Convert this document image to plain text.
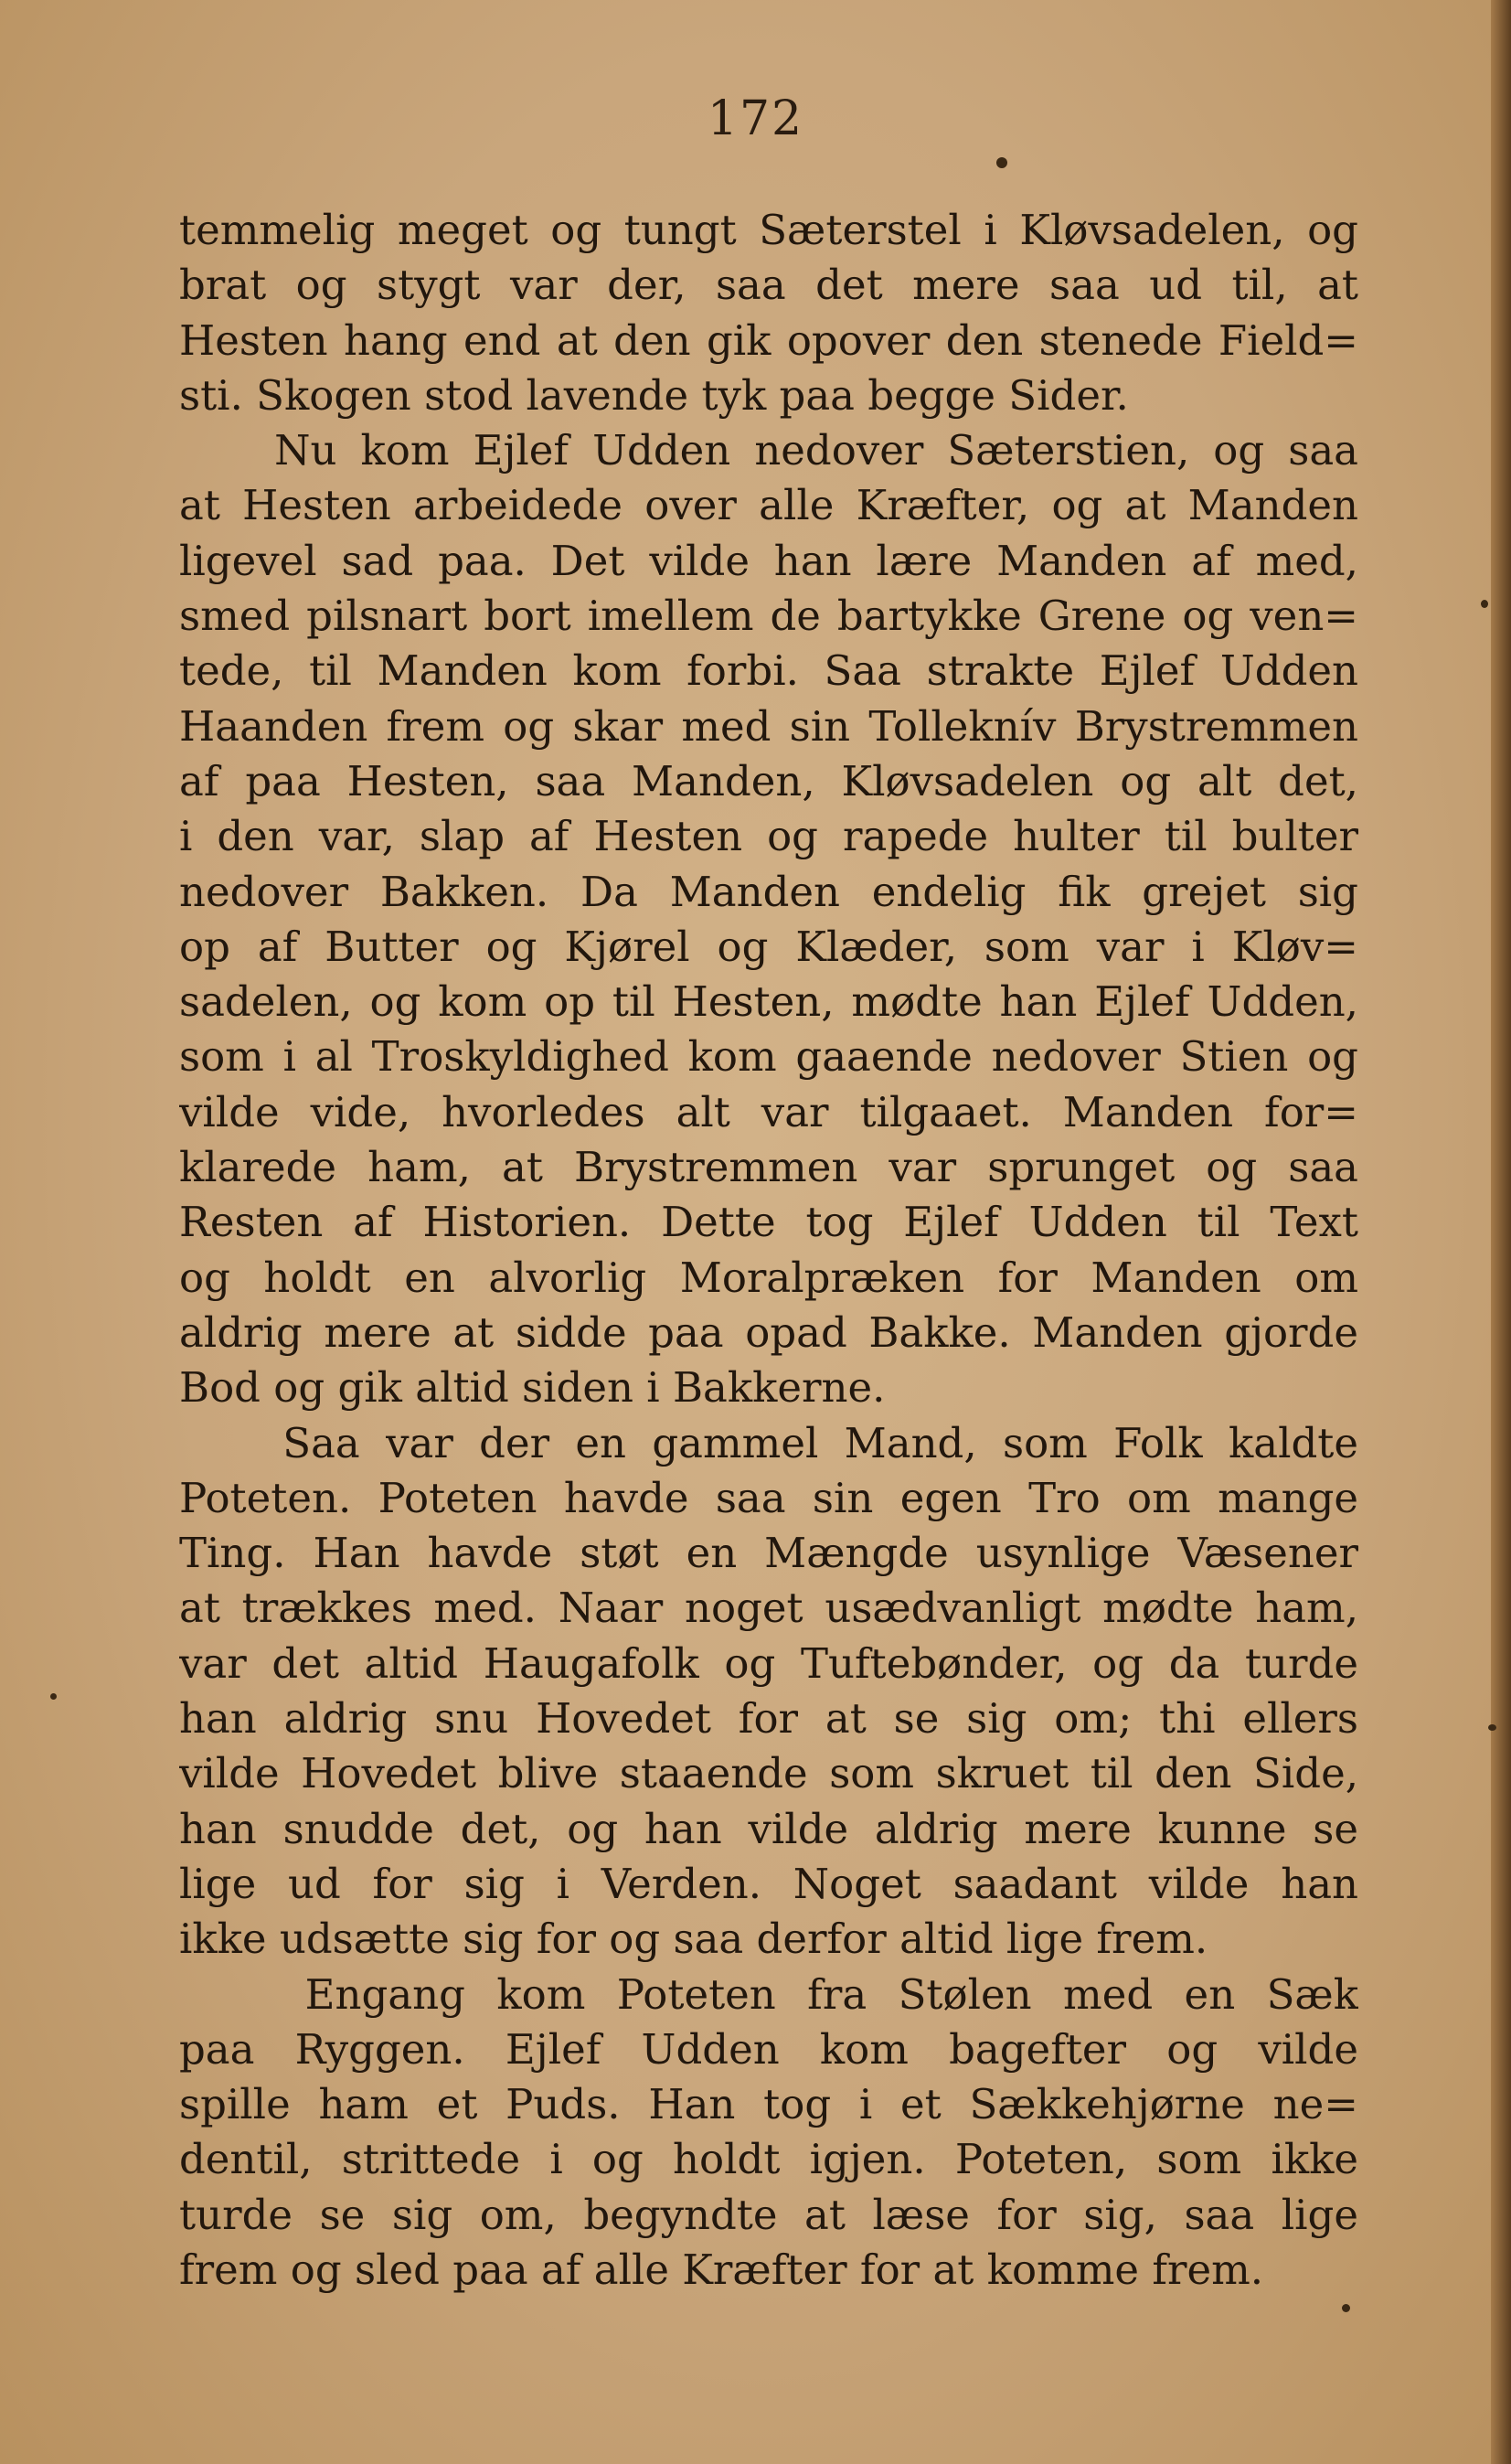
172
temmelig meget og tungt Sæterstel i Kløvsadelen, og
brat og stygt var der, saa det mere saa ud til, at
Hesten hang end at den gik opover den stenede Field=
sti. Skogen stod lavende tyk paa begge Sider.
Nu kom Ejlef Udden nedover Sæterstien, og saa
at Hesten arbeidede over alle Kræfter, og at Manden
ligevel sad paa. Det vilde han lære Manden af med,
smed pilsnart bort imellem de bartykke Grene og ven=
tede, til Manden kom forbi. Saa strakte Ejlef Udden
Haanden frem og skar med sin Tolleknív Brystremmen
af paa Hesten, saa Manden, Kløvsadelen og alt det,
i den var, slap af Hesten og rapede hulter til bulter
nedover Bakken. Da Manden endelig fik grejet sig
op af Butter og Kjørel og Klæder, som var i Kløv=
sadelen, og kom op til Hesten, mødte han Ejlef Udden,
som i al Troskyldighed kom gaaende nedover Stien og
vilde vide, hvorledes alt var tilgaaet. Manden for=
klarede ham, at Brystremmen var sprunget og saa
Resten af Historien. Dette tog Ejlef Udden til Text
og holdt en alvorlig Moralpræken for Manden om
aldrig mere at sidde paa opad Bakke. Manden gjorde
Bod og gik altid siden i Bakkerne.
Saa var der en gammel Mand, som Folk kaldte
Poteten. Poteten havde saa sin egen Tro om mange
Ting. Han havde støt en Mængde usynlige Væsener
at trækkes med. Naar noget usædvanligt mødte ham,
var det altid Haugafolk og Tuftebønder, og da turde
han aldrig snu Hovedet for at se sig om; thi ellers
vilde Hovedet blive staaende som skruet til den Side,
han snudde det, og han vilde aldrig mere kunne se
lige ud for sig i Verden. Noget saadant vilde han
ikke udsætte sig for og saa derfor altid lige frem.
Engang kom Poteten fra Stølen med en Sæk
paa Ryggen. Ejlef Udden kom bagefter og vilde
spille ham et Puds. Han tog i et Sækkehjørne ne=
dentil, strittede i og holdt igjen. Poteten, som ikke
turde se sig om, begyndte at læse for sig, saa lige
frem og sled paa af alle Kræfter for at komme frem.
